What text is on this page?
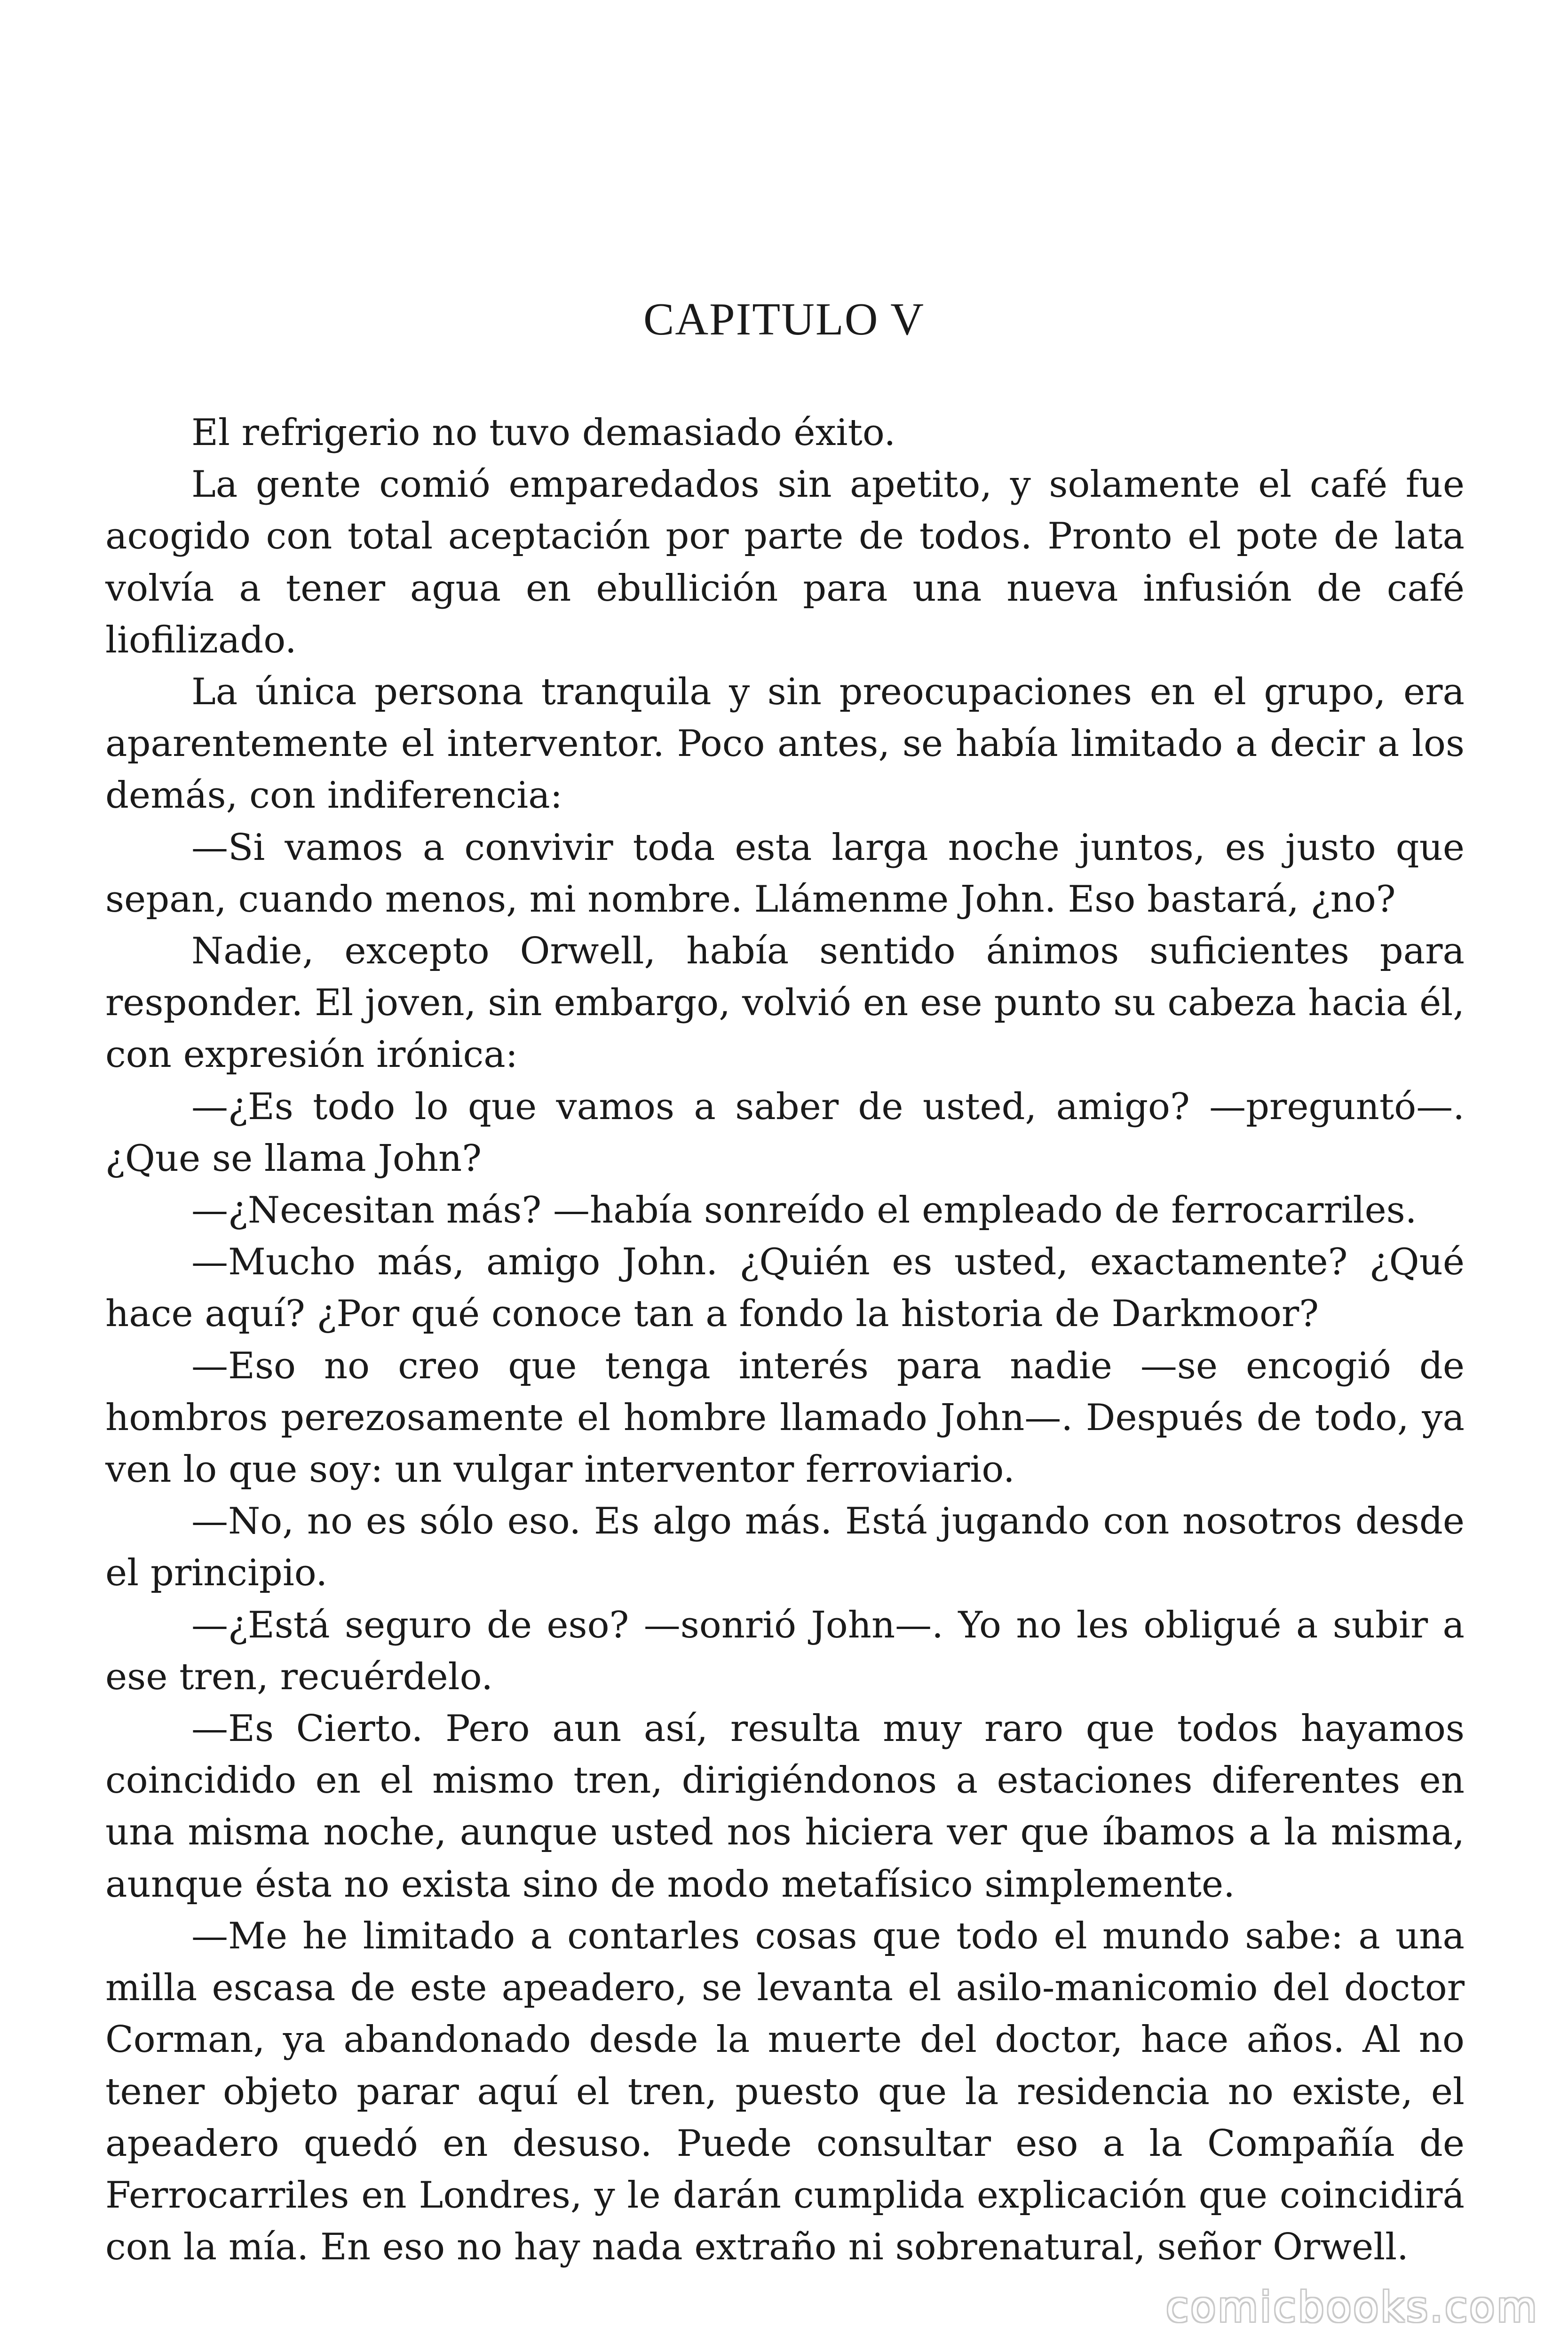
CAPITULO V

El refrigerio no tuvo demasiado éxito.

La gente comió emparedados sin apetito, y solamente el café fue acogido con total aceptación por parte de todos. Pronto el pote de lata volvía a tener agua en ebullición para una nueva infusión de café liofilizado.

La única persona tranquila y sin preocupaciones en el grupo, era aparentemente el interventor. Poco antes, se había limitado a decir a los demás, con indiferencia:

—Si vamos a convivir toda esta larga noche juntos, es justo que sepan, cuando menos, mi nombre. Llámenme John. Eso bastará, ¿no?

Nadie, excepto Orwell, había sentido ánimos suficientes para responder. El joven, sin embargo, volvió en ese punto su cabeza hacia él, con expresión irónica:

—¿Es todo lo que vamos a saber de usted, amigo? —preguntó—. ¿Que se llama John?

—¿Necesitan más? —había sonreído el empleado de ferrocarriles.

—Mucho más, amigo John. ¿Quién es usted, exactamente? ¿Qué hace aquí? ¿Por qué conoce tan a fondo la historia de Darkmoor?

—Eso no creo que tenga interés para nadie —se encogió de hombros perezosamente el hombre llamado John—. Después de todo, ya ven lo que soy: un vulgar interventor ferroviario.

—No, no es sólo eso. Es algo más. Está jugando con nosotros desde el principio.

—¿Está seguro de eso? —sonrió John—. Yo no les obligué a subir a ese tren, recuérdelo.

—Es Cierto. Pero aun así, resulta muy raro que todos hayamos coincidido en el mismo tren, dirigiéndonos a estaciones diferentes en una misma noche, aunque usted nos hiciera ver que íbamos a la misma, aunque ésta no exista sino de modo metafísico simplemente.

—Me he limitado a contarles cosas que todo el mundo sabe: a una milla escasa de este apeadero, se levanta el asilo-manicomio del doctor Corman, ya abandonado desde la muerte del doctor, hace años. Al no tener objeto parar aquí el tren, puesto que la residencia no existe, el apeadero quedó en desuso. Puede consultar eso a la Compañía de Ferrocarriles en Londres, y le darán cumplida explicación que coincidirá con la mía. En eso no hay nada extraño ni sobrenatural, señor Orwell.

comicbooks.com
